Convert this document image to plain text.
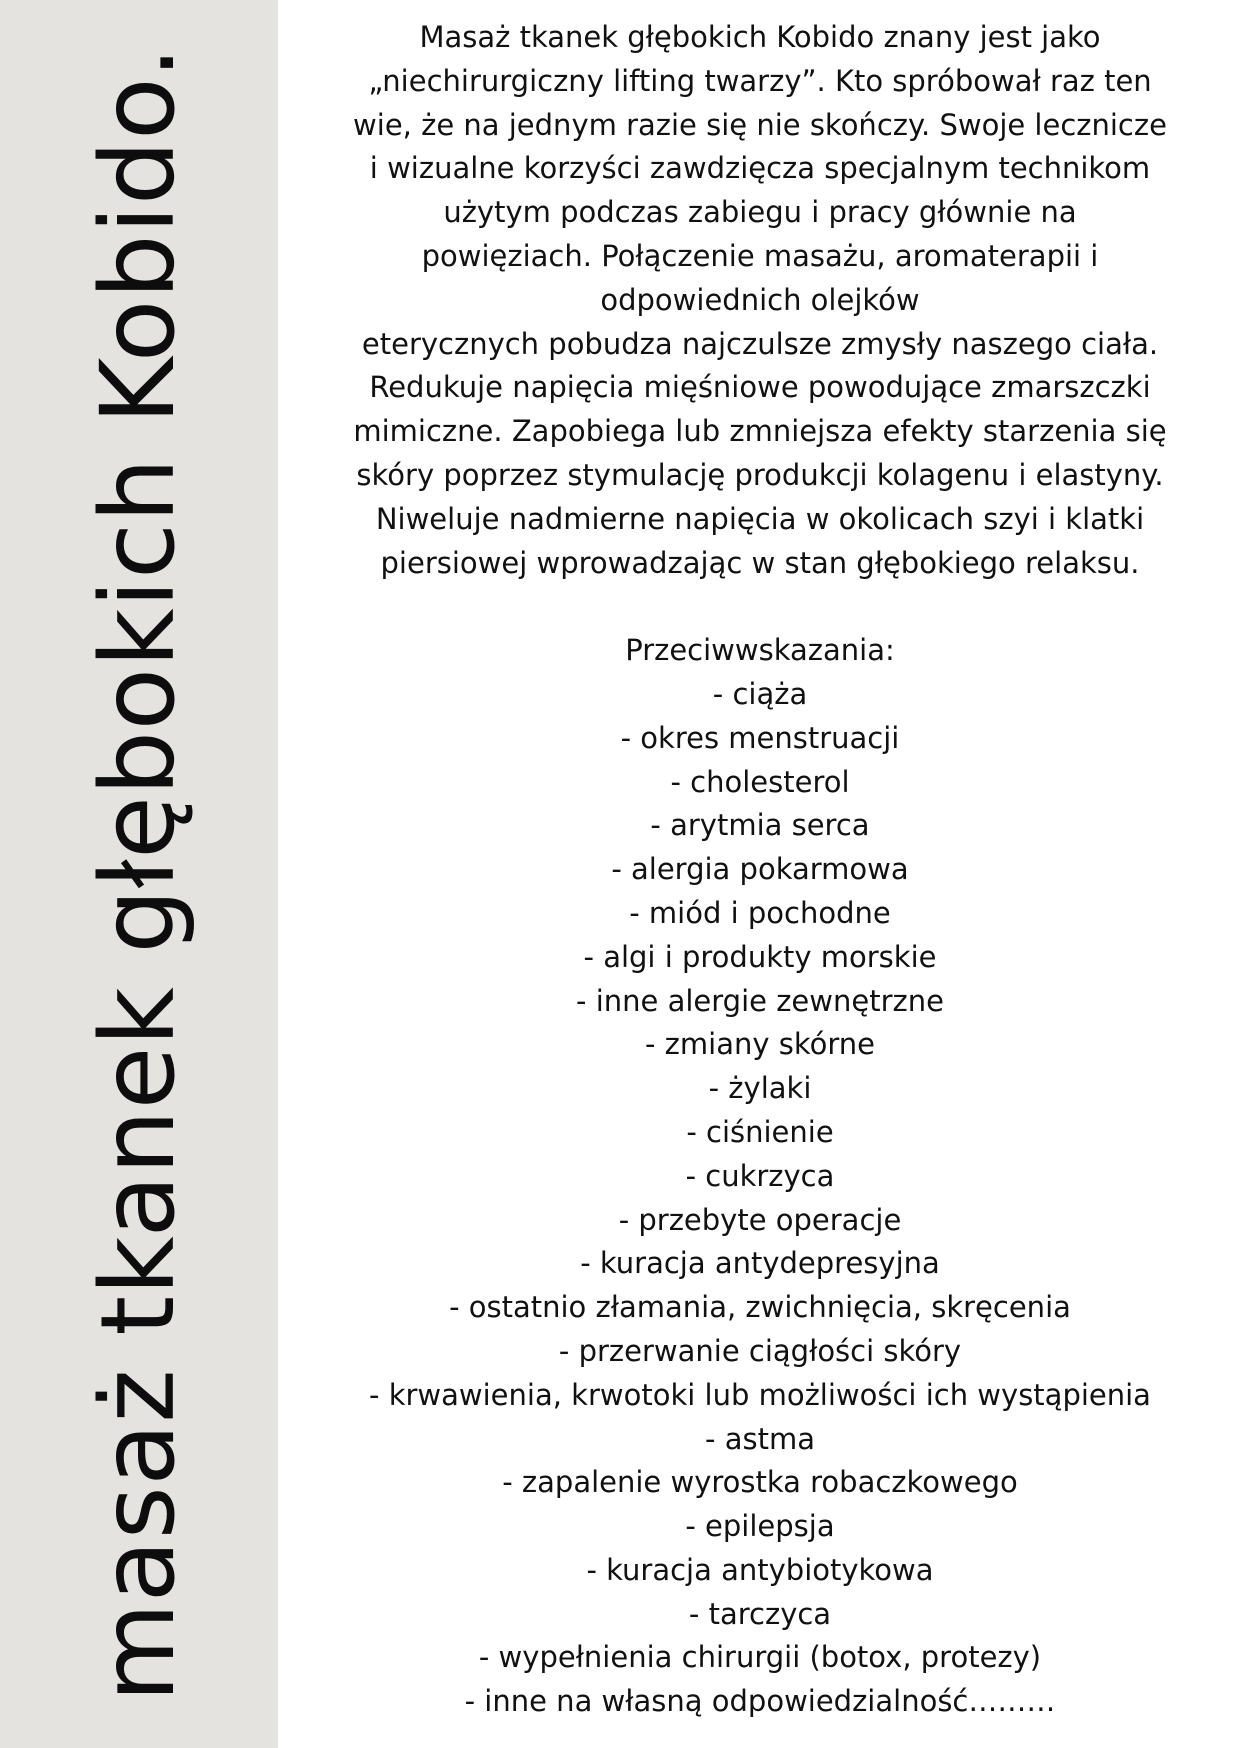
masaż tkanek głębokich Kobido.

Masaż tkanek głębokich Kobido znany jest jako

„niechirurgiczny lifting twarzy”. Kto spróbował raz ten

wie, że na jednym razie się nie skończy. Swoje lecznicze

i wizualne korzyści zawdzięcza specjalnym technikom

użytym podczas zabiegu i pracy głównie na

powięziach. Połączenie masażu, aromaterapii i

odpowiednich olejków

eterycznych pobudza najczulsze zmysły naszego ciała.

Redukuje napięcia mięśniowe powodujące zmarszczki

mimiczne. Zapobiega lub zmniejsza efekty starzenia się

skóry poprzez stymulację produkcji kolagenu i elastyny.

Niweluje nadmierne napięcia w okolicach szyi i klatki

piersiowej wprowadzając w stan głębokiego relaksu.

Przeciwwskazania:

- ciąża
- okres menstruacji
- cholesterol
- arytmia serca
- alergia pokarmowa
- miód i pochodne
- algi i produkty morskie
- inne alergie zewnętrzne
- zmiany skórne
- żylaki
- ciśnienie
- cukrzyca
- przebyte operacje
- kuracja antydepresyjna
- ostatnio złamania, zwichnięcia, skręcenia
- przerwanie ciągłości skóry
- krwawienia, krwotoki lub możliwości ich wystąpienia
- astma
- zapalenie wyrostka robaczkowego
- epilepsja
- kuracja antybiotykowa
- tarczyca
- wypełnienia chirurgii (botox, protezy)
- inne na własną odpowiedzialność………
